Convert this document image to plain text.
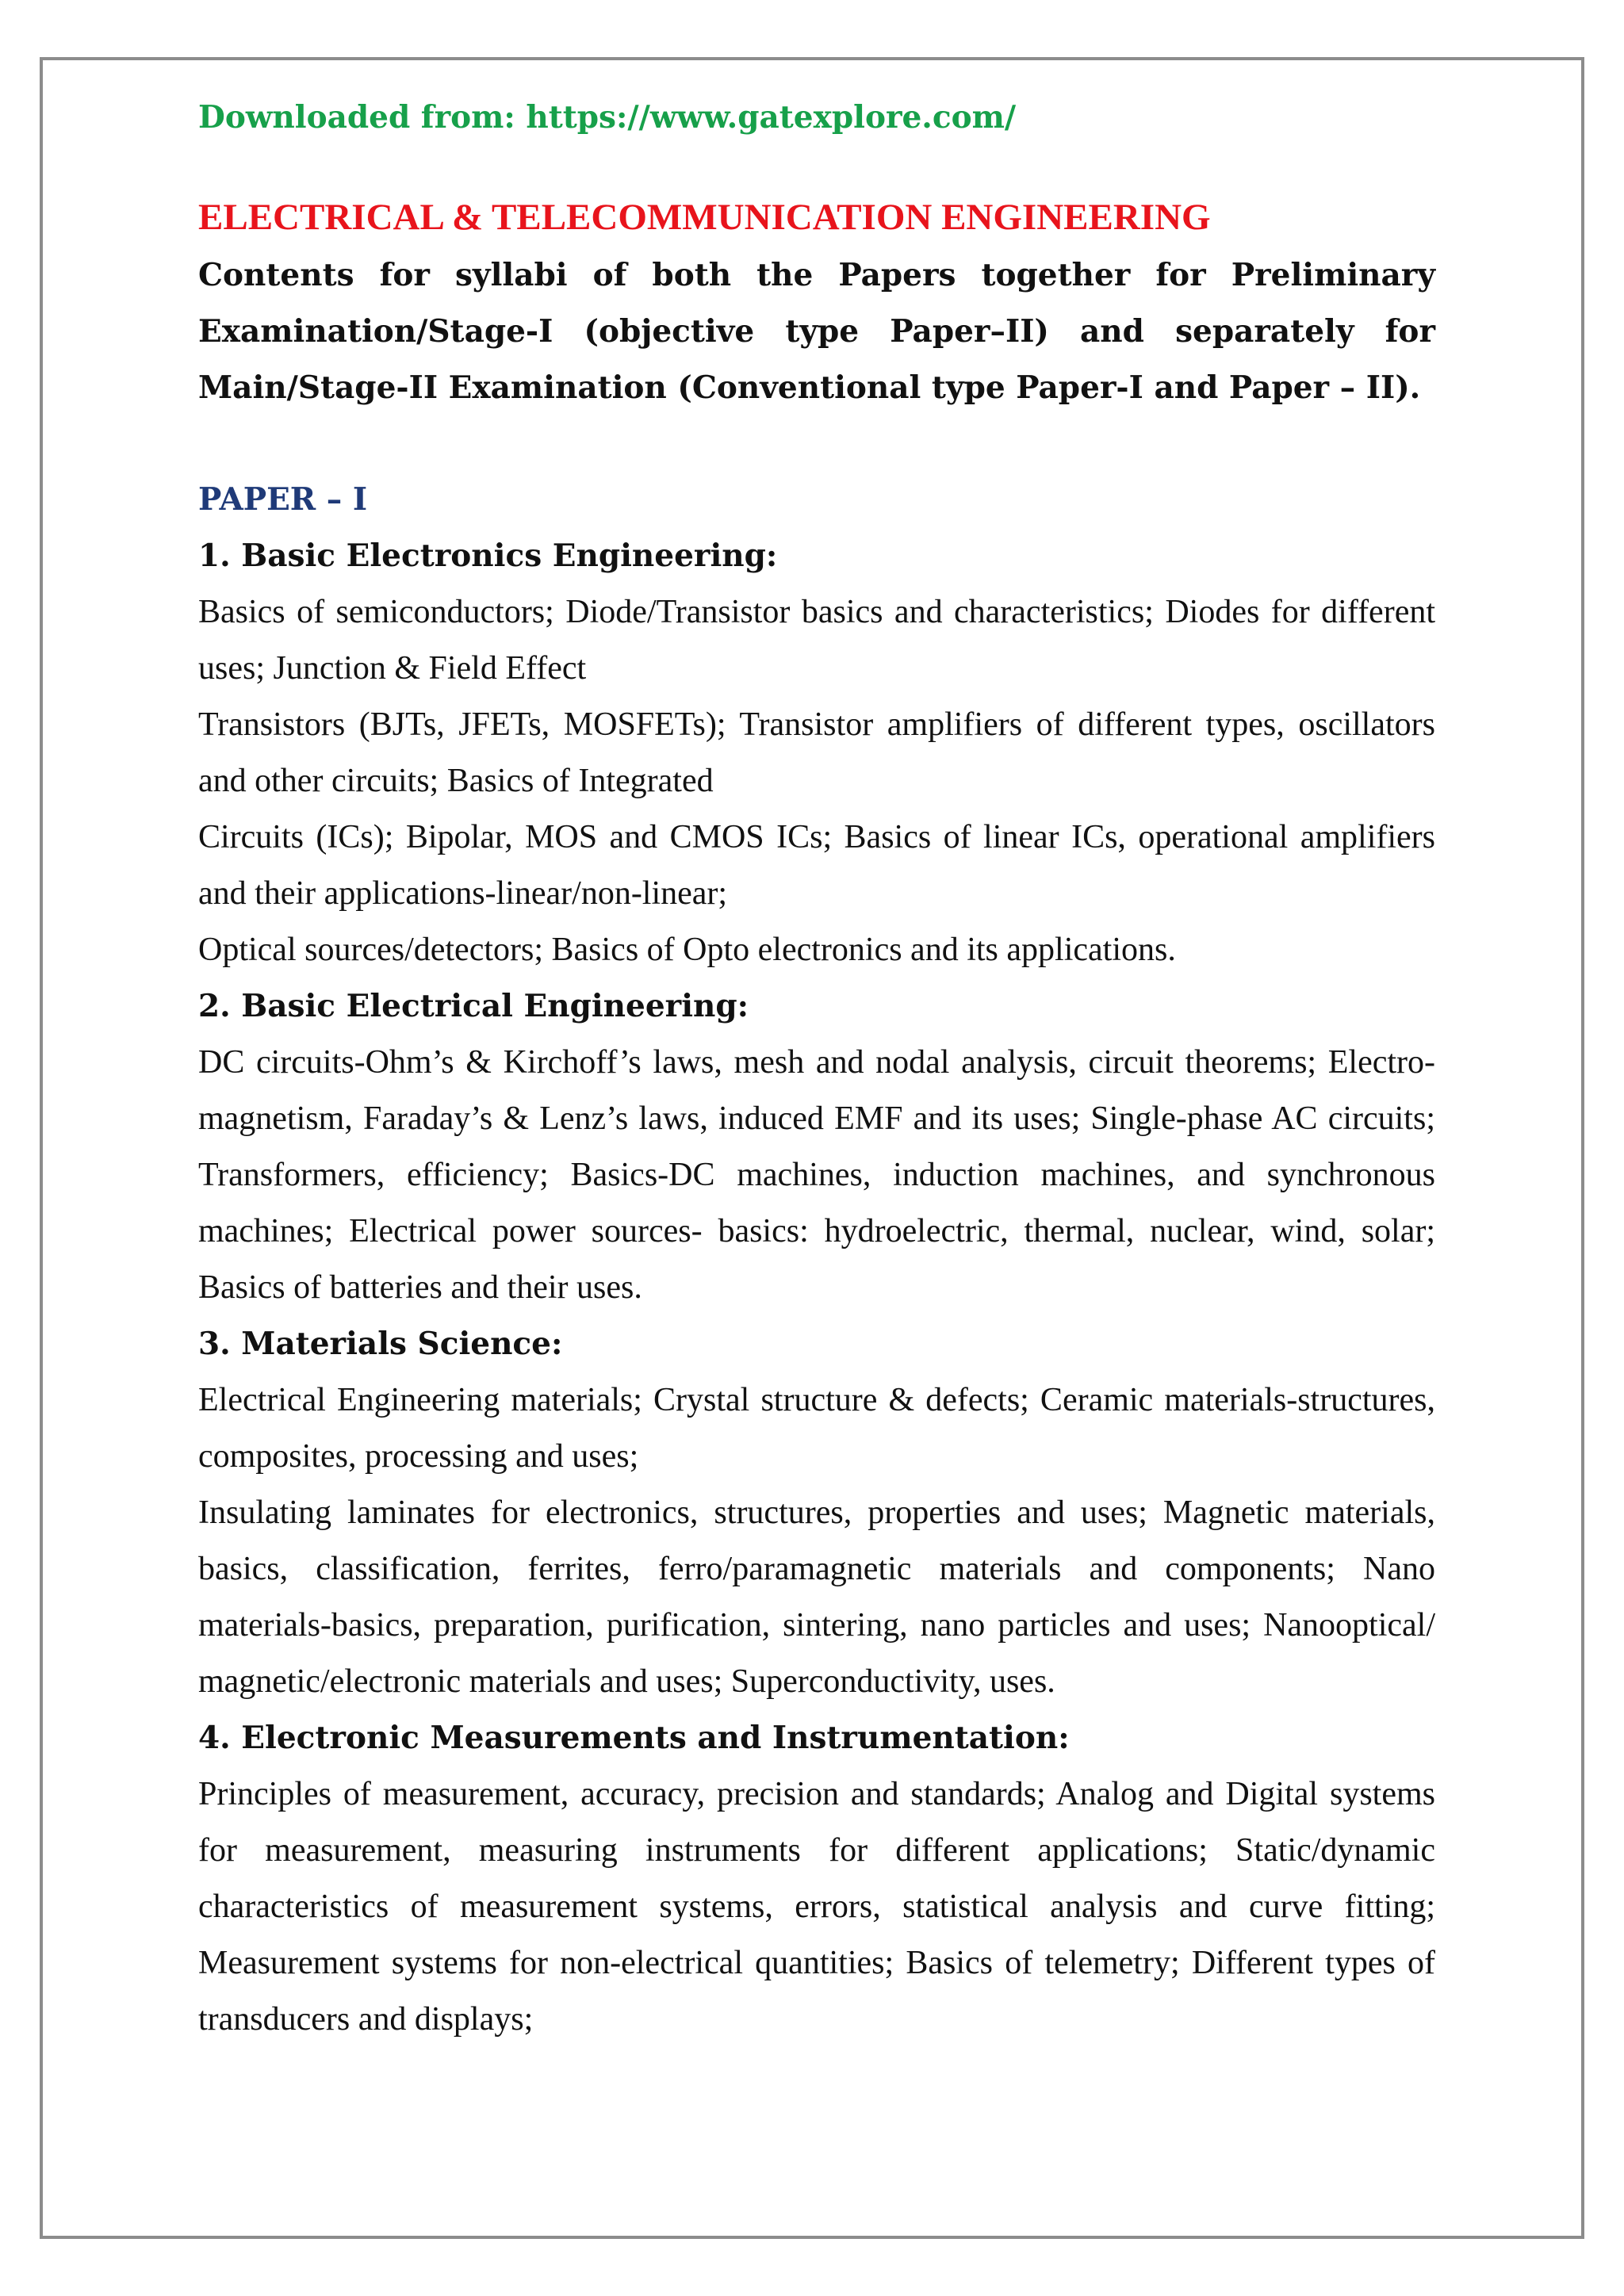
Downloaded from: https://www.gatexplore.com/

ELECTRICAL & TELECOMMUNICATION ENGINEERING

Contents for syllabi of both the Papers together for Preliminary Examination/Stage-I (objective type Paper–II) and separately for Main/Stage-II Examination (Conventional type Paper-I and Paper – II).

PAPER – I
1. Basic Electronics Engineering:

Basics of semiconductors; Diode/Transistor basics and characteristics; Diodes for different uses; Junction & Field Effect

Transistors (BJTs, JFETs, MOSFETs); Transistor amplifiers of different types, oscillators and other circuits; Basics of Integrated

Circuits (ICs); Bipolar, MOS and CMOS ICs; Basics of linear ICs, operational amplifiers and their applications-linear/non-linear;

Optical sources/detectors; Basics of Opto electronics and its applications.

2. Basic Electrical Engineering:

DC circuits-Ohm’s & Kirchoff’s laws, mesh and nodal analysis, circuit theorems; Electro-magnetism, Faraday’s & Lenz’s laws, induced EMF and its uses; Single-phase AC circuits; Transformers, efficiency; Basics-DC machines, induction machines, and synchronous machines; Electrical power sources- basics: hydroelectric, thermal, nuclear, wind, solar; Basics of batteries and their uses.

3. Materials Science:

Electrical Engineering materials; Crystal structure & defects; Ceramic materials-structures, composites, processing and uses;

Insulating laminates for electronics, structures, properties and uses; Magnetic materials, basics, classification, ferrites, ferro/paramagnetic materials and components; Nano materials-basics, preparation, purification, sintering, nano particles and uses; Nanooptical/ magnetic/electronic materials and uses; Superconductivity, uses.

4. Electronic Measurements and Instrumentation:

Principles of measurement, accuracy, precision and standards; Analog and Digital systems for measurement, measuring instruments for different applications; Static/dynamic characteristics of measurement systems, errors, statistical analysis and curve fitting; Measurement systems for non-electrical quantities; Basics of telemetry; Different types of transducers and displays;
